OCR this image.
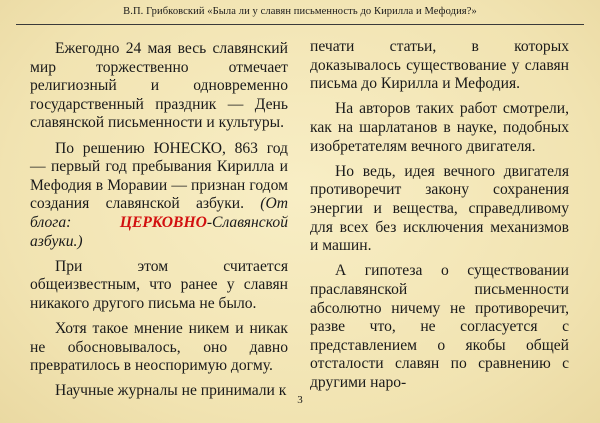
В.П. Грибковский «Была ли у славян письменность до Кирилла и Мефодия?»

Ежегодно 24 мая весь славянский мир торжественно отмечает религиозный и одновременно государственный праздник — День славянской письменности и культуры.

По решению ЮНЕСКО, 863 год — первый год пребывания Кирилла и Мефодия в Моравии — признан годом создания славянской азбуки. (От блога: ЦЕРКОВНО-Славянской азбуки.)

При этом считается общеизвестным, что ранее у славян никакого другого письма не было.

Хотя такое мнение никем и никак не обосновывалось, оно давно превратилось в неоспоримую догму.

Научные журналы не принимали к

печати статьи, в которых доказывалось существование у славян письма до Кирилла и Мефодия.

На авторов таких работ смотрели, как на шарлатанов в науке, подобных изобретателям вечного двигателя.

Но ведь, идея вечного двигателя противоречит закону сохранения энергии и вещества, справедливому для всех без исключения механизмов и машин.

А гипотеза о существовании праславянской письменности абсолютно ничему не противоречит, разве что, не согласуется с представлением о якобы общей отсталости славян по сравнению с другими наро-

3
